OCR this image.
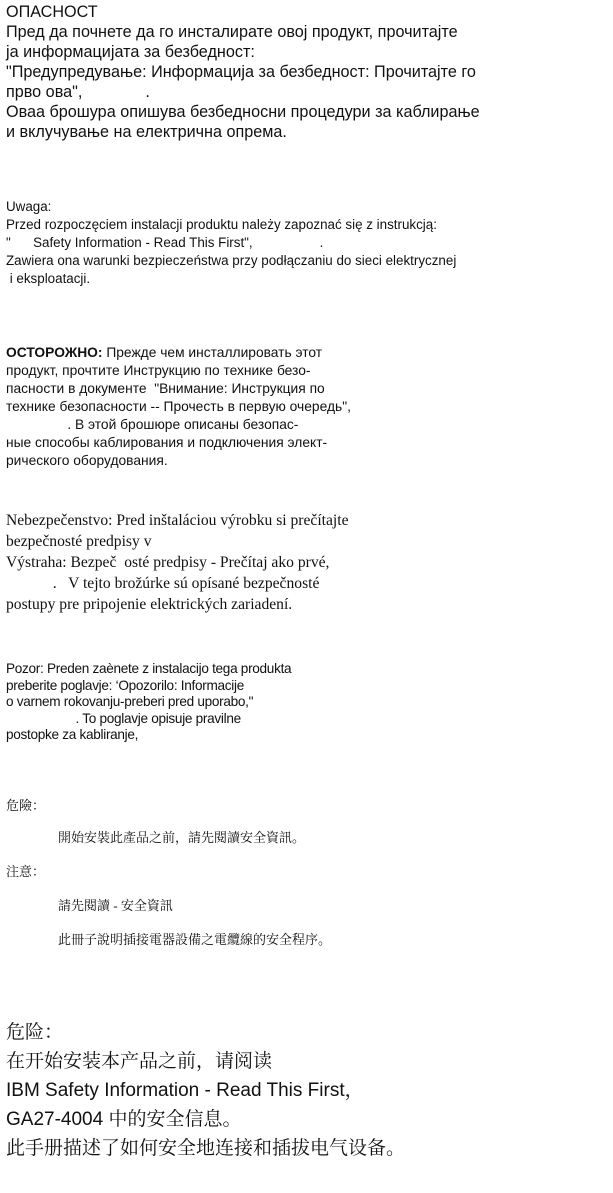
ОПАСНОСТ
Пред да почнете да го инсталирате овој продукт, прочитајте
ја информацијата за безбедност:
"Предупредување: Информација за безбедност: Прочитајте го
прво ова",              .
Оваа брошура опишува безбедносни процедури за каблирање
и вклучување на електрична опрема.
Uwaga:
Przed rozpoczęciem instalacji produktu należy zapoznać się z instrukcją:
"      Safety Information - Read This First",                  .
Zawiera ona warunki bezpieczeństwa przy podłączaniu do sieci elektrycznej
i eksploatacji.
ОСТОРОЖНО: Прежде чем инсталлировать этот
продукт, прочтите Инструкцию по технике безо-
пасности в документе  "Внимание: Инструкция по
технике безопасности -- Прочесть в первую очередь",
. В этой брошюре описаны безопас-
ные способы каблирования и подключения элект-
рического оборудования.
Nebezpečenstvo: Pred inštaláciou výrobku si prečítajte
bezpečnosté predpisy v
Výstraha: Bezpeč  osté predpisy - Prečítaj ako prvé,
.   V tejto brožúrke sú opísané bezpečnosté
postupy pre pripojenie elektrických zariadení.
Pozor: Preden zaènete z instalacijo tega produkta
preberite poglavje: ‘Opozorilo: Informacije
o varnem rokovanju-preberi pred uporabo,"
. To poglavje opisuje pravilne
postopke za kabliranje,
危險：
開始安裝此產品之前，請先閱讀安全資訊。
注意：
請先閱讀 - 安全資訊
此冊子說明插接電器設備之電纜線的安全程序。
危险：
在开始安装本产品之前，请阅读
IBM Safety Information - Read This First，
GA27-4004 中的安全信息。
此手册描述了如何安全地连接和插拔电气设备。
